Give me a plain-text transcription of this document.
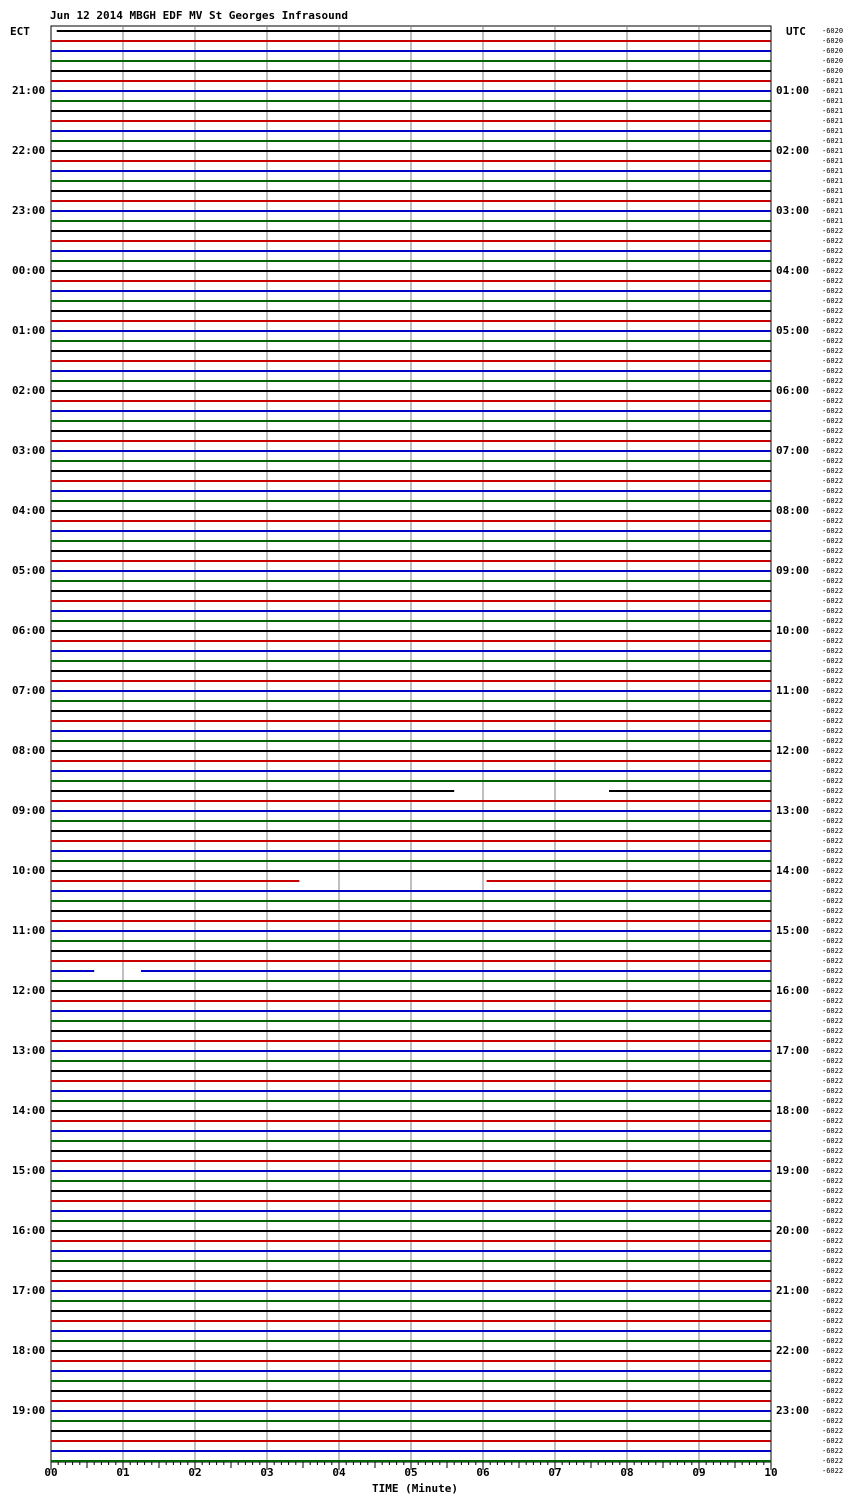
Jun 12 2014 MBGH EDF MV St Georges Infrasound
ECT	UTC
00	01	02	03	04	05	06	07	08	09	10
21:00
22:00
23:00
00:00
01:00
02:00
03:00
04:00
05:00
06:00
07:00
08:00
09:00
10:00
11:00
12:00
13:00
14:00
15:00
16:00
17:00
18:00
19:00
01:00
02:00
03:00
04:00
05:00
06:00
07:00
08:00
09:00
10:00
11:00
12:00
13:00
14:00
15:00
16:00
17:00
18:00
19:00
20:00
21:00
22:00
23:00
-6020
-6020
-6020
-6020
-6020
-6021
-6021
-6021
-6021
-6021
-6021
-6021
-6021
-6021
-6021
-6021
-6021
-6021
-6021
-6021
-6022
-6022
-6022
-6022
-6022
-6022
-6022
-6022
-6022
-6022
-6022
-6022
-6022
-6022
-6022
-6022
-6022
-6022
-6022
-6022
-6022
-6022
-6022
-6022
-6022
-6022
-6022
-6022
-6022
-6022
-6022
-6022
-6022
-6022
-6022
-6022
-6022
-6022
-6022
-6022
-6022
-6022
-6022
-6022
-6022
-6022
-6022
-6022
-6022
-6022
-6022
-6022
-6022
-6022
-6022
-6022
-6022
-6022
-6022
-6022
-6022
-6022
-6022
-6022
-6022
-6022
-6022
-6022
-6022
-6022
-6022
-6022
-6022
-6022
-6022
-6022
-6022
-6022
-6022
-6022
-6022
-6022
-6022
-6022
-6022
-6022
-6022
-6022
-6022
-6022
-6022
-6022
-6022
-6022
-6022
-6022
-6022
-6022
-6022
-6022
-6022
-6022
-6022
-6022
-6022
-6022
-6022
-6022
-6022
-6022
-6022
-6022
-6022
-6022
-6022
-6022
-6022
-6022
-6022
-6022
-6022
-6022
-6022
-6022
-6022
TIME (Minute)
